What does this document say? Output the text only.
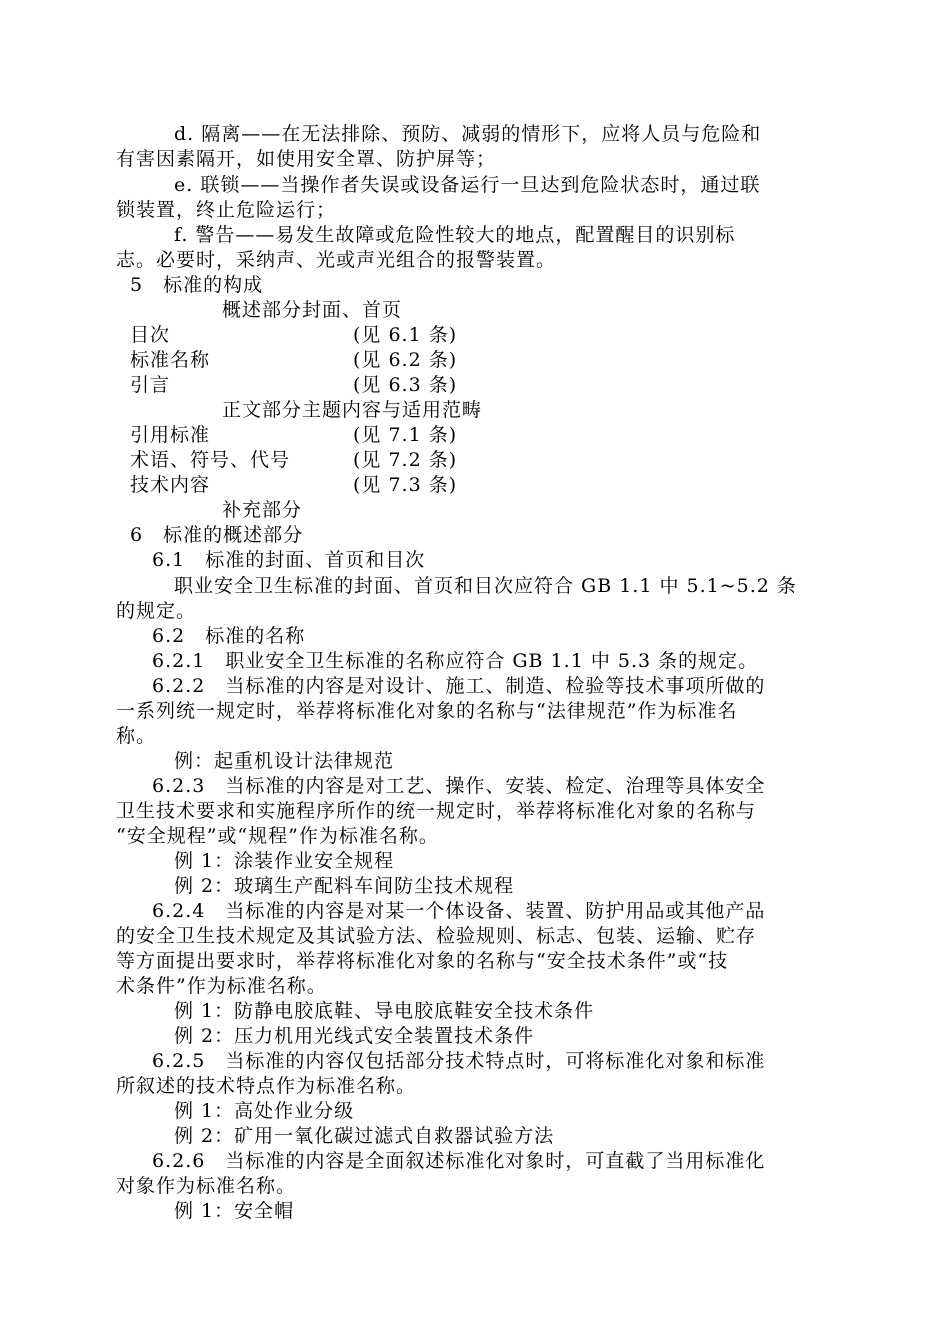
d. 隔离——在无法排除、预防、减弱的情形下，应将人员与危险和
有害因素隔开，如使用安全罩、防护屏等；
e. 联锁——当操作者失误或设备运行一旦达到危险状态时，通过联
锁装置，终止危险运行；
f. 警告——易发生故障或危险性较大的地点，配置醒目的识别标
志。必要时，采纳声、光或声光组合的报警装置。
5　标准的构成
概述部分封面、首页
目次	(见 6.1 条)
标准名称	(见 6.2 条)
引言	(见 6.3 条)
正文部分主题内容与适用范畴
引用标准	(见 7.1 条)
术语、符号、代号	(见 7.2 条)
技术内容	(见 7.3 条)
补充部分
6　标准的概述部分
6.1　标准的封面、首页和目次
职业安全卫生标准的封面、首页和目次应符合 GB 1.1 中 5.1~5.2 条
的规定。
6.2　标准的名称
6.2.1　职业安全卫生标准的名称应符合 GB 1.1 中 5.3 条的规定。
6.2.2　当标准的内容是对设计、施工、制造、检验等技术事项所做的
一系列统一规定时，举荐将标准化对象的名称与“法律规范”作为标准名
称。
例：起重机设计法律规范
6.2.3　当标准的内容是对工艺、操作、安装、检定、治理等具体安全
卫生技术要求和实施程序所作的统一规定时，举荐将标准化对象的名称与
“安全规程”或“规程”作为标准名称。
例 1：涂装作业安全规程
例 2：玻璃生产配料车间防尘技术规程
6.2.4　当标准的内容是对某一个体设备、装置、防护用品或其他产品
的安全卫生技术规定及其试验方法、检验规则、标志、包装、运输、贮存
等方面提出要求时，举荐将标准化对象的名称与“安全技术条件”或“技
术条件”作为标准名称。
例 1：防静电胶底鞋、导电胶底鞋安全技术条件
例 2：压力机用光线式安全装置技术条件
6.2.5　当标准的内容仅包括部分技术特点时，可将标准化对象和标准
所叙述的技术特点作为标准名称。
例 1：高处作业分级
例 2：矿用一氧化碳过滤式自救器试验方法
6.2.6　当标准的内容是全面叙述标准化对象时，可直截了当用标准化
对象作为标准名称。
例 1：安全帽
